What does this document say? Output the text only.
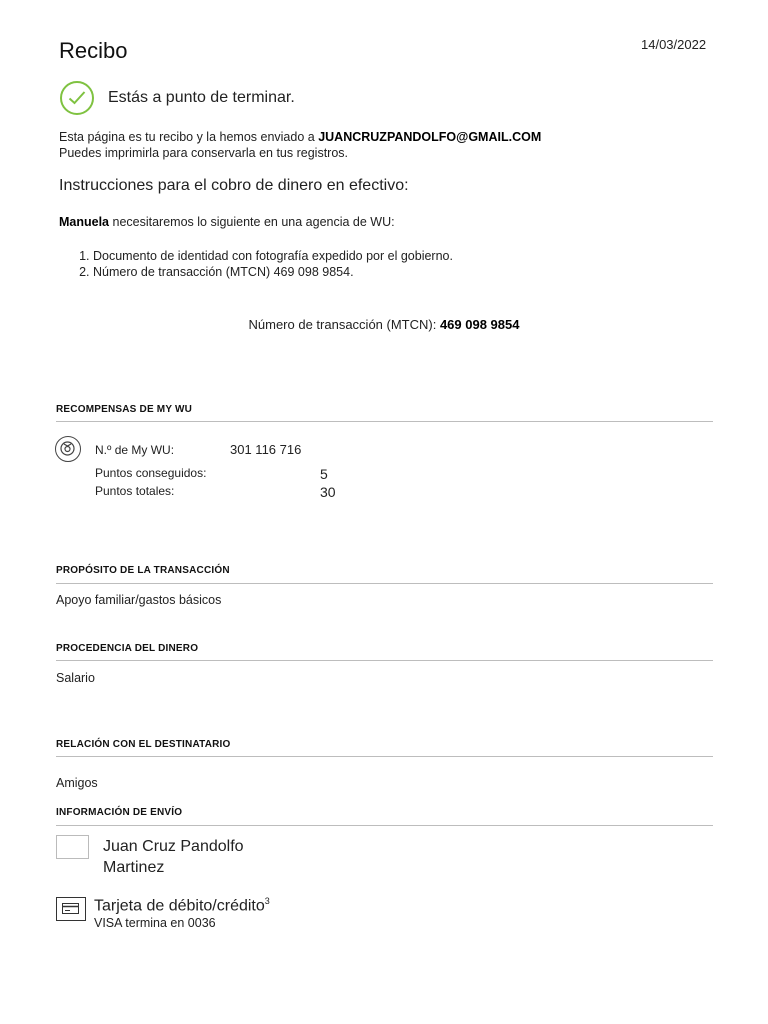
Recibo	14/03/2022
Estás a punto de terminar.
Esta página es tu recibo y la hemos enviado a JUANCRUZPANDOLFO@GMAIL.COM
Puedes imprimirla para conservarla en tus registros.
Instrucciones para el cobro de dinero en efectivo:
Manuela necesitaremos lo siguiente en una agencia de WU:
1. Documento de identidad con fotografía expedido por el gobierno.
2. Número de transacción (MTCN) 469 098 9854.
Número de transacción (MTCN): 469 098 9854
RECOMPENSAS DE MY WU
N.º de My WU:	301 116 716
Puntos conseguidos:	5
Puntos totales:	30
PROPÓSITO DE LA TRANSACCIÓN
Apoyo familiar/gastos básicos
PROCEDENCIA DEL DINERO
Salario
RELACIÓN CON EL DESTINATARIO
Amigos
INFORMACIÓN DE ENVÍO
Juan Cruz Pandolfo
Martinez
Tarjeta de débito/crédito$^3$
VISA termina en 0036
